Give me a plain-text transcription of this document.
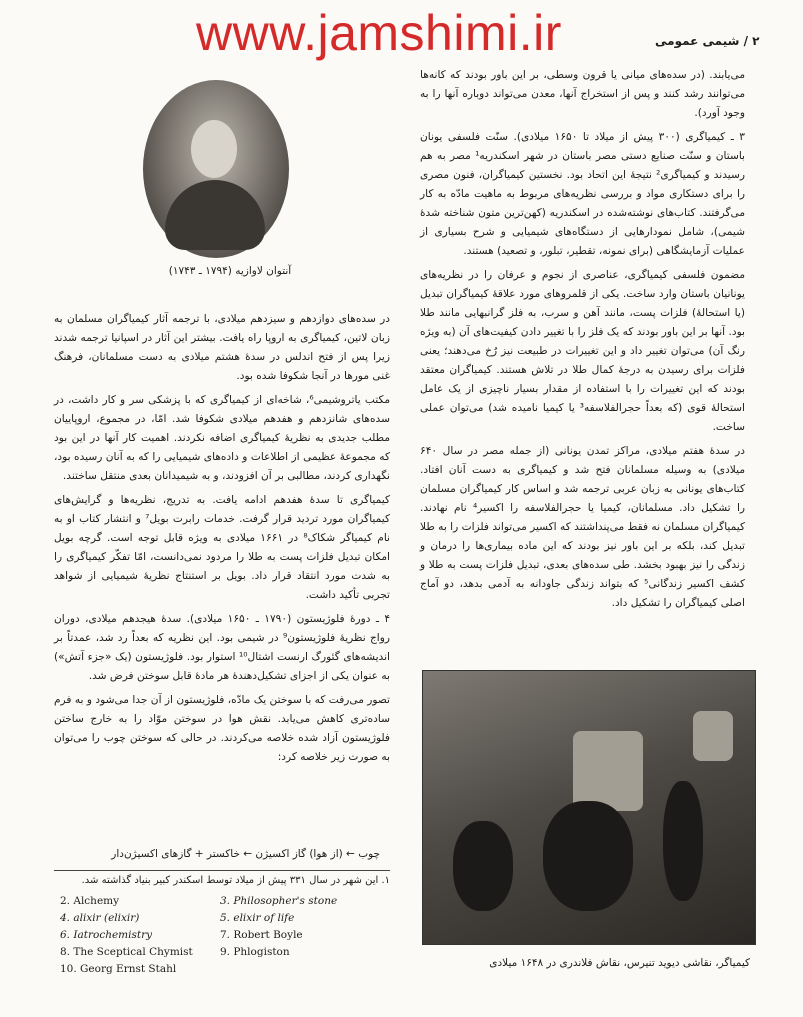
www.jamshimi.ir	۲ / شیمی عمومی
آنتوان لاوازیه (۱۷۹۴ ـ ۱۷۴۳)

می‌یابند. (در سده‌های میانی یا قرون وسطی، بر این باور بودند که کانه‌ها می‌توانند رشد کنند و پس از استخراج آنها، معدن می‌تواند دوباره آنها را به وجود آورد).

۳ ـ کیمیاگری (۳۰۰ پیش از میلاد تا ۱۶۵۰ میلادی). سنّت فلسفی یونان باستان و سنّت صنایع دستی مصر باستان در شهر اسکندریه¹ مصر به هم رسیدند و کیمیاگری² نتیجهٔ این اتحاد بود. نخستین کیمیاگران، فنون مصری را برای دستکاری مواد و بررسی نظریه‌های مربوط به ماهیت مادّه به کار می‌گرفتند. کتاب‌های نوشته‌شده در اسکندریه (کهن‌ترین متون شناخته شدهٔ شیمی)، شامل نمودارهایی از دستگاه‌های شیمیایی و شرح بسیاری از عملیات آزمایشگاهی (برای نمونه، تقطیر، تبلور، و تصعید) هستند.

مضمون فلسفی کیمیاگری، عناصری از نجوم و عرفان را در نظریه‌های یونانیان باستان وارد ساخت. یکی از قلمروهای مورد علاقهٔ کیمیاگران تبدیل (یا استحالهٔ) فلزات پست، مانند آهن و سرب، به فلز گرانبهایی مانند طلا بود. آنها بر این باور بودند که یک فلز را با تغییر دادن کیفیت‌های آن (به ویژه رنگ آن) می‌توان تغییر داد و این تغییرات در طبیعت نیز رُخ می‌دهند؛ یعنی فلزات برای رسیدن به درجهٔ کمال طلا در تلاش هستند. کیمیاگران معتقد بودند که این تغییرات را با استفاده از مقدار بسیار ناچیزی از یک عامل استحالهٔ قوی (که بعداً حجرالفلاسفه³ یا کیمیا نامیده شد) می‌توان عملی ساخت.

در سدهٔ هفتم میلادی، مراکز تمدن یونانی (از جمله مصر در سال ۶۴۰ میلادی) به وسیله مسلمانان فتح شد و کیمیاگری به دست آنان افتاد. کتاب‌های یونانی به زبان عربی ترجمه شد و اساس کار کیمیاگران مسلمان را تشکیل داد. مسلمانان، کیمیا یا حجرالفلاسفه را اکسیر⁴ نام نهادند. کیمیاگران مسلمان نه فقط می‌پنداشتند که اکسیر می‌تواند فلزات را به طلا تبدیل کند، بلکه بر این باور نیز بودند که این ماده بیماری‌ها را درمان و زندگی را نیز بهبود بخشد. طی سده‌های بعدی، تبدیل فلزات پست به طلا و کشف اکسیر زندگانی⁵ که بتواند زندگی جاودانه به آدمی بدهد، دو آماج اصلی کیمیاگران را تشکیل داد.

در سده‌های دوازدهم و سیزدهم میلادی، با ترجمه آثار کیمیاگران مسلمان به زبان لاتین، کیمیاگری به اروپا راه یافت. بیشتر این آثار در اسپانیا ترجمه شدند زیرا پس از فتح اندلس در سدهٔ هشتم میلادی به دست مسلمانان، فرهنگ غنی مورها در آنجا شکوفا شده بود.

مکتب یاتروشیمی⁶، شاخه‌ای از کیمیاگری که با پزشکی سر و کار داشت، در سده‌های شانزدهم و هفدهم میلادی شکوفا شد. امّا، در مجموع، اروپاییان مطلب جدیدی به نظریهٔ کیمیاگری اضافه نکردند. اهمیت کار آنها در این بود که مجموعهٔ عظیمی از اطلاعات و داده‌های شیمیایی را که به آنان رسیده بود، نگهداری کردند، مطالبی بر آن افزودند، و به شیمیدانان بعدی منتقل ساختند.

کیمیاگری تا سدهٔ هفدهم ادامه یافت. به تدریج، نظریه‌ها و گرایش‌های کیمیاگران مورد تردید قرار گرفت. خدمات رابرت بویل⁷ و انتشار کتاب او به نام کیمیاگر شکاک⁸ در ۱۶۶۱ میلادی به ویژه قابل توجه است. گرچه بویل امکان تبدیل فلزات پست به طلا را مردود نمی‌دانست، امّا تفکّر کیمیاگری را به شدت مورد انتقاد قرار داد. بویل بر استنتاج نظریهٔ شیمیایی از شواهد تجربی تأکید داشت.

۴ ـ دورهٔ فلوژیستون (۱۷۹۰ ـ ۱۶۵۰ میلادی). سدهٔ هیجدهم میلادی، دوران رواج نظریهٔ فلوژیستون⁹ در شیمی بود. این نظریه که بعداً رد شد، عمدتاً بر اندیشه‌های گئورگ ارنست اشتال¹⁰ استوار بود. فلوژیستون (یک «جزء آتش») به عنوان یکی از اجزای تشکیل‌دهندهٔ هر مادهٔ قابل سوختن فرض شد.

تصور می‌رفت که با سوختن یک مادّه، فلوژیستون از آن جدا می‌شود و به فرم ساده‌تری کاهش می‌یابد. نقش هوا در سوختن موّاد را به خارج ساختن فلوژیستون آزاد شده خلاصه می‌کردند. در حالی که سوختن چوب را می‌توان به صورت زیر خلاصه کرد:

کیمیاگر، نقاشی دیوید تنیرس، نقاش فلاندری در ۱۶۴۸ میلادی
چوب ← (از هوا) گاز اکسیژن ← خاکستر + گازهای اکسیژن‌دار
۱. این شهر در سال ۳۳۱ پیش از میلاد توسط اسکندر کبیر بنیاد گذاشته شد.
2. Alchemy	3. Philosopher's stone
4. alixir (elixir)	5. elixir of life
6. Iatrochemistry	7. Robert Boyle
8. The Sceptical Chymist	9. Phlogiston
10. Georg Ernst Stahl
